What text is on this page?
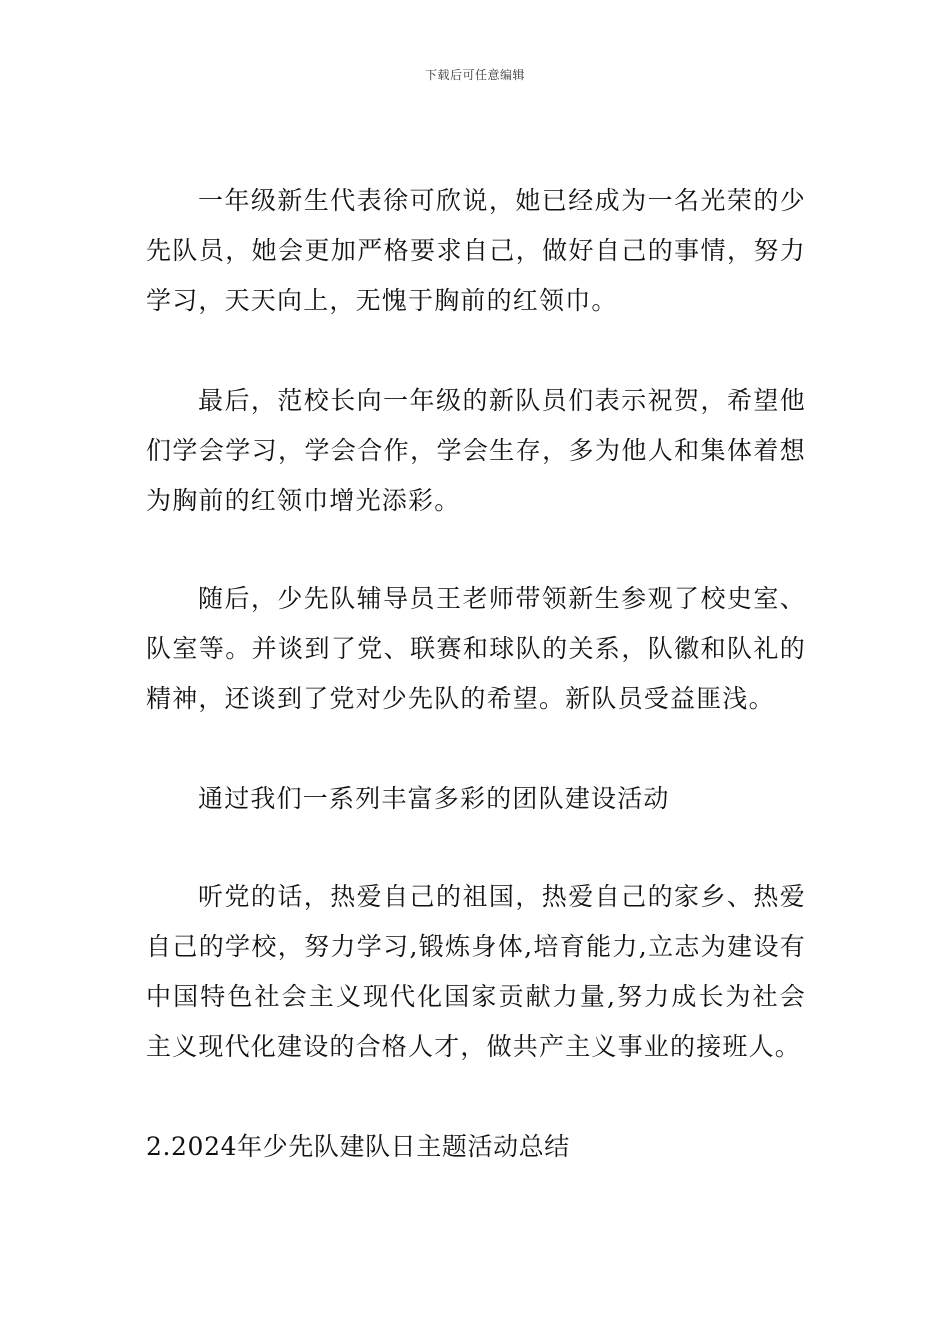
下载后可任意编辑

一年级新生代表徐可欣说，她已经成为一名光荣的少先队员，她会更加严格要求自己，做好自己的事情，努力学习，天天向上，无愧于胸前的红领巾。

最后，范校长向一年级的新队员们表示祝贺，希望他们学会学习，学会合作，学会生存，多为他人和集体着想为胸前的红领巾增光添彩。

随后，少先队辅导员王老师带领新生参观了校史室、队室等。并谈到了党、联赛和球队的关系，队徽和队礼的精神，还谈到了党对少先队的希望。新队员受益匪浅。

通过我们一系列丰富多彩的团队建设活动

听党的话，热爱自己的祖国，热爱自己的家乡、热爱自己的学校，努力学习,锻炼身体,培育能力,立志为建设有中国特色社会主义现代化国家贡献力量,努力成长为社会主义现代化建设的合格人才，做共产主义事业的接班人。

2.2024年少先队建队日主题活动总结
